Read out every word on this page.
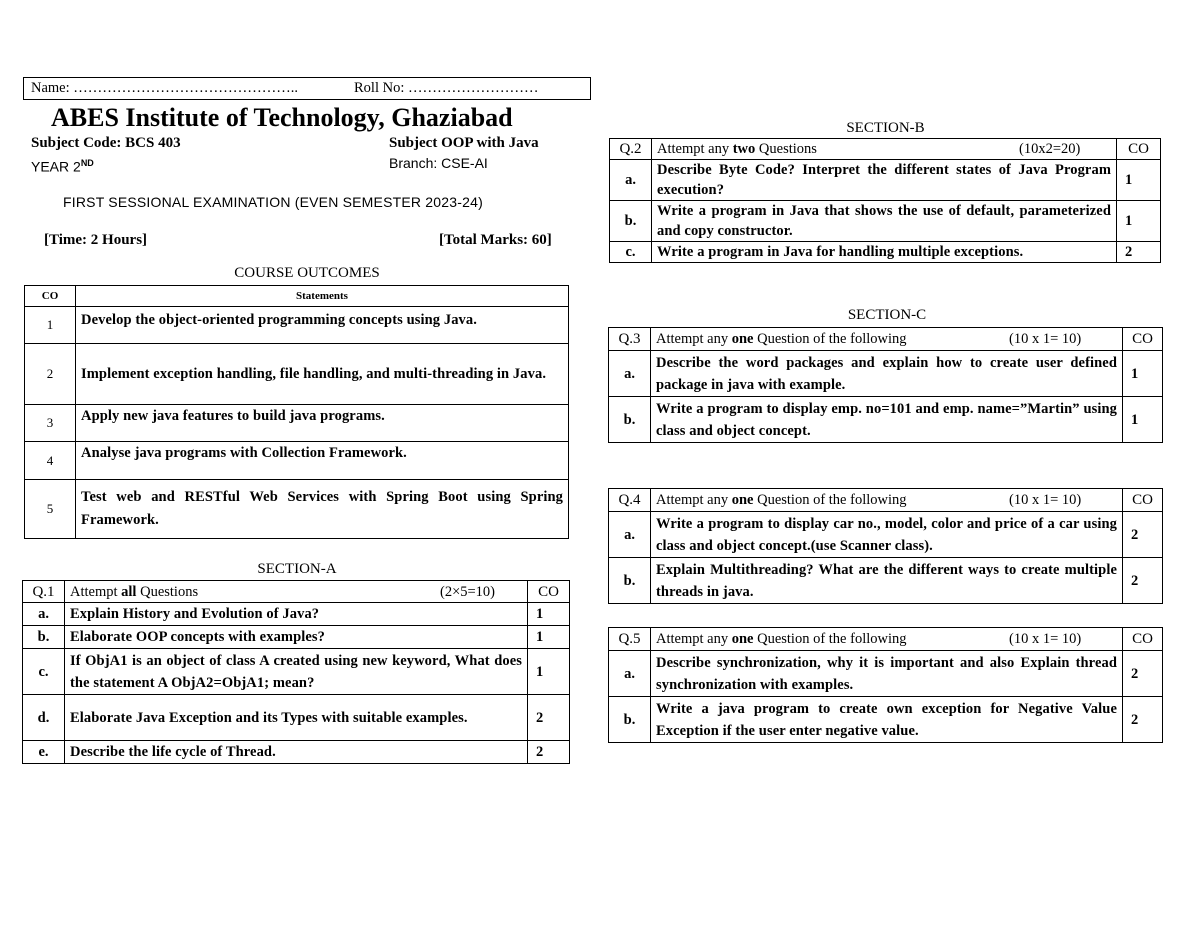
Name: ………………………………………..	Roll No: ………………………
ABES Institute of Technology, Ghaziabad
Subject Code: BCS 403	Subject OOP with Java
YEAR 2ND	Branch: CSE-AI
FIRST SESSIONAL EXAMINATION (EVEN SEMESTER 2023-24)
[Time: 2 Hours]	[Total Marks: 60]
COURSE OUTCOMES
CO	Statements
1	Develop the object-oriented programming concepts using Java.
2	Implement exception handling, file handling, and multi-threading in Java.
3	Apply new java features to build java programs.
4	Analyse java programs with Collection Framework.
5	Test web and RESTful Web Services with Spring Boot using Spring Framework.
SECTION-A
Q.1	Attempt all Questions (2×5=10)	CO
a.	Explain History and Evolution of Java?	1
b.	Elaborate OOP concepts with examples?	1
c.	If ObjA1 is an object of class A created using new keyword, What does the statement A ObjA2=ObjA1; mean?	1
d.	Elaborate Java Exception and its Types with suitable examples.	2
e.	Describe the life cycle of Thread.	2
SECTION-B
Q.2	Attempt any two Questions (10x2=20)	CO
a.	Describe Byte Code? Interpret the different states of Java Program execution?	1
b.	Write a program in Java that shows the use of default, parameterized and copy constructor.	1
c.	Write a program in Java for handling multiple exceptions.	2
SECTION-C
Q.3	Attempt any one Question of the following (10 x 1= 10)	CO
a.	Describe the word packages and explain how to create user defined package in java with example.	1
b.	Write a program to display emp. no=101 and emp. name=”Martin” using class and object concept.	1
Q.4	Attempt any one Question of the following (10 x 1= 10)	CO
a.	Write a program to display car no., model, color and price of a car using class and object concept.(use Scanner class).	2
b.	Explain Multithreading? What are the different ways to create multiple threads in java.	2
Q.5	Attempt any one Question of the following (10 x 1= 10)	CO
a.	Describe synchronization, why it is important and also Explain thread synchronization with examples.	2
b.	Write a java program to create own exception for Negative Value Exception if the user enter negative value.	2
